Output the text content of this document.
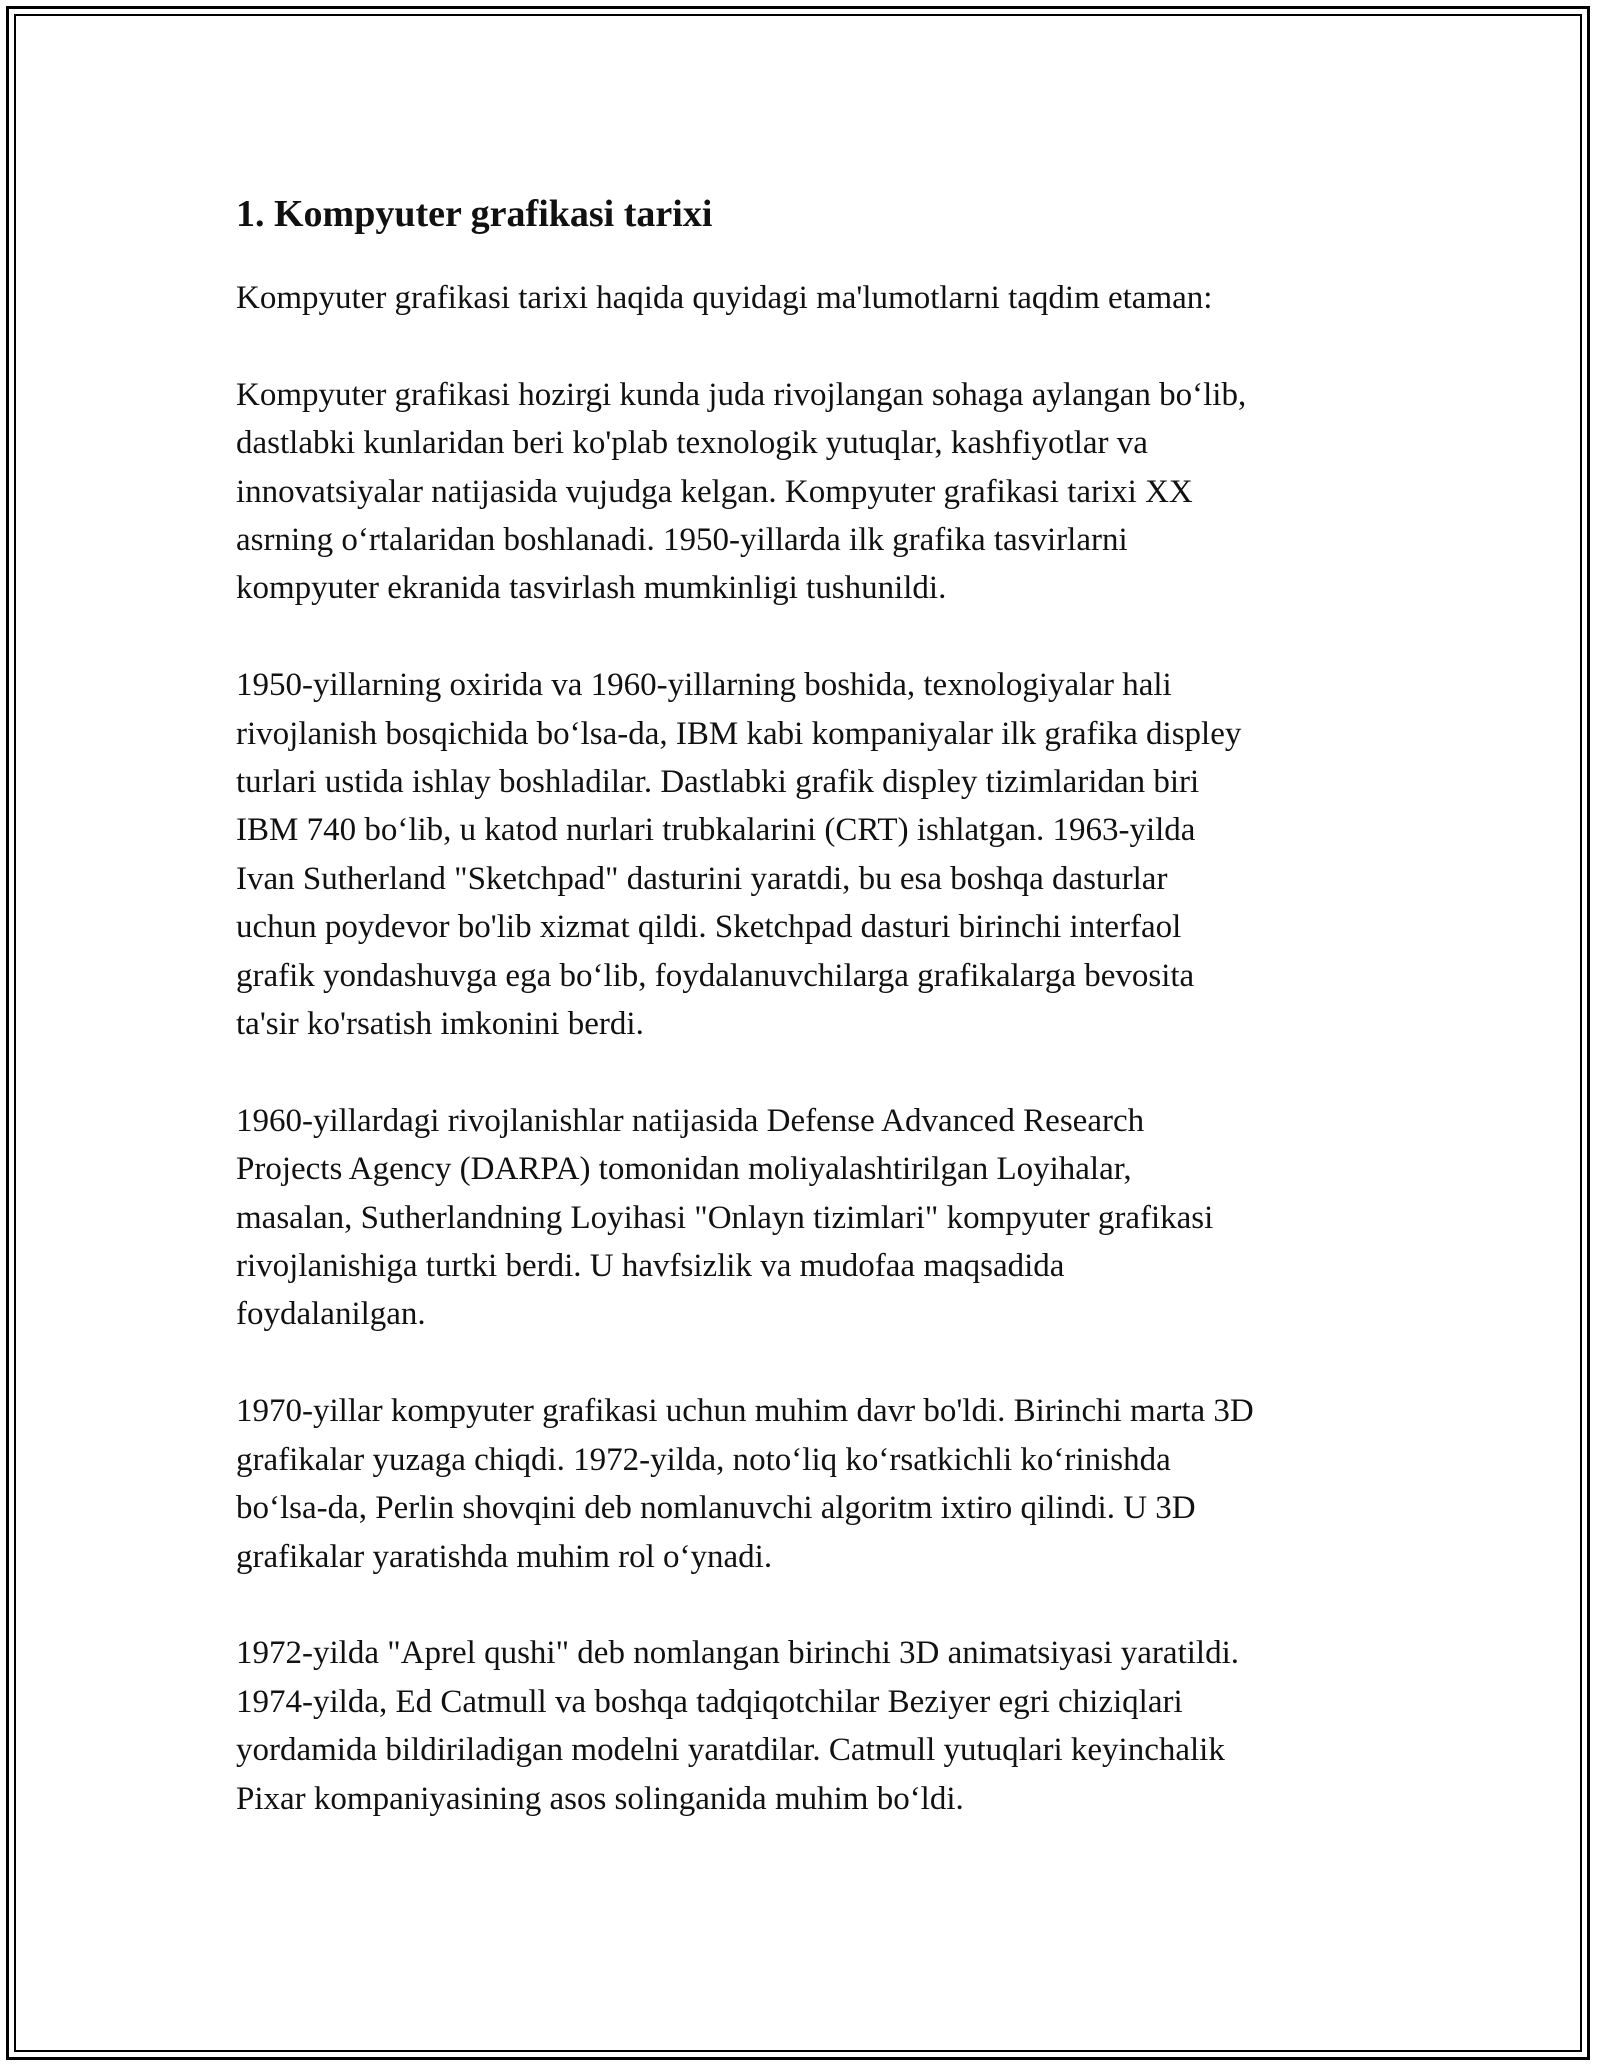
1. Kompyuter grafikasi tarixi
Kompyuter grafikasi tarixi haqida quyidagi ma'lumotlarni taqdim etaman:
Kompyuter grafikasi hozirgi kunda juda rivojlangan sohaga aylangan bo‘lib,
dastlabki kunlaridan beri ko'plab texnologik yutuqlar, kashfiyotlar va
innovatsiyalar natijasida vujudga kelgan. Kompyuter grafikasi tarixi XX
asrning o‘rtalaridan boshlanadi. 1950-yillarda ilk grafika tasvirlarni
kompyuter ekranida tasvirlash mumkinligi tushunildi.
1950-yillarning oxirida va 1960-yillarning boshida, texnologiyalar hali
rivojlanish bosqichida bo‘lsa-da, IBM kabi kompaniyalar ilk grafika displey
turlari ustida ishlay boshladilar. Dastlabki grafik displey tizimlaridan biri
IBM 740 bo‘lib, u katod nurlari trubkalarini (CRT) ishlatgan. 1963-yilda
Ivan Sutherland "Sketchpad" dasturini yaratdi, bu esa boshqa dasturlar
uchun poydevor bo'lib xizmat qildi. Sketchpad dasturi birinchi interfaol
grafik yondashuvga ega bo‘lib, foydalanuvchilarga grafikalarga bevosita
ta'sir ko'rsatish imkonini berdi.
1960-yillardagi rivojlanishlar natijasida Defense Advanced Research
Projects Agency (DARPA) tomonidan moliyalashtirilgan Loyihalar,
masalan, Sutherlandning Loyihasi "Onlayn tizimlari" kompyuter grafikasi
rivojlanishiga turtki berdi. U havfsizlik va mudofaa maqsadida
foydalanilgan.
1970-yillar kompyuter grafikasi uchun muhim davr bo'ldi. Birinchi marta 3D
grafikalar yuzaga chiqdi. 1972-yilda, noto‘liq ko‘rsatkichli ko‘rinishda
bo‘lsa-da, Perlin shovqini deb nomlanuvchi algoritm ixtiro qilindi. U 3D
grafikalar yaratishda muhim rol o‘ynadi.
1972-yilda "Aprel qushi" deb nomlangan birinchi 3D animatsiyasi yaratildi.
1974-yilda, Ed Catmull va boshqa tadqiqotchilar Beziyer egri chiziqlari
yordamida bildiriladigan modelni yaratdilar. Catmull yutuqlari keyinchalik
Pixar kompaniyasining asos solinganida muhim bo‘ldi.
